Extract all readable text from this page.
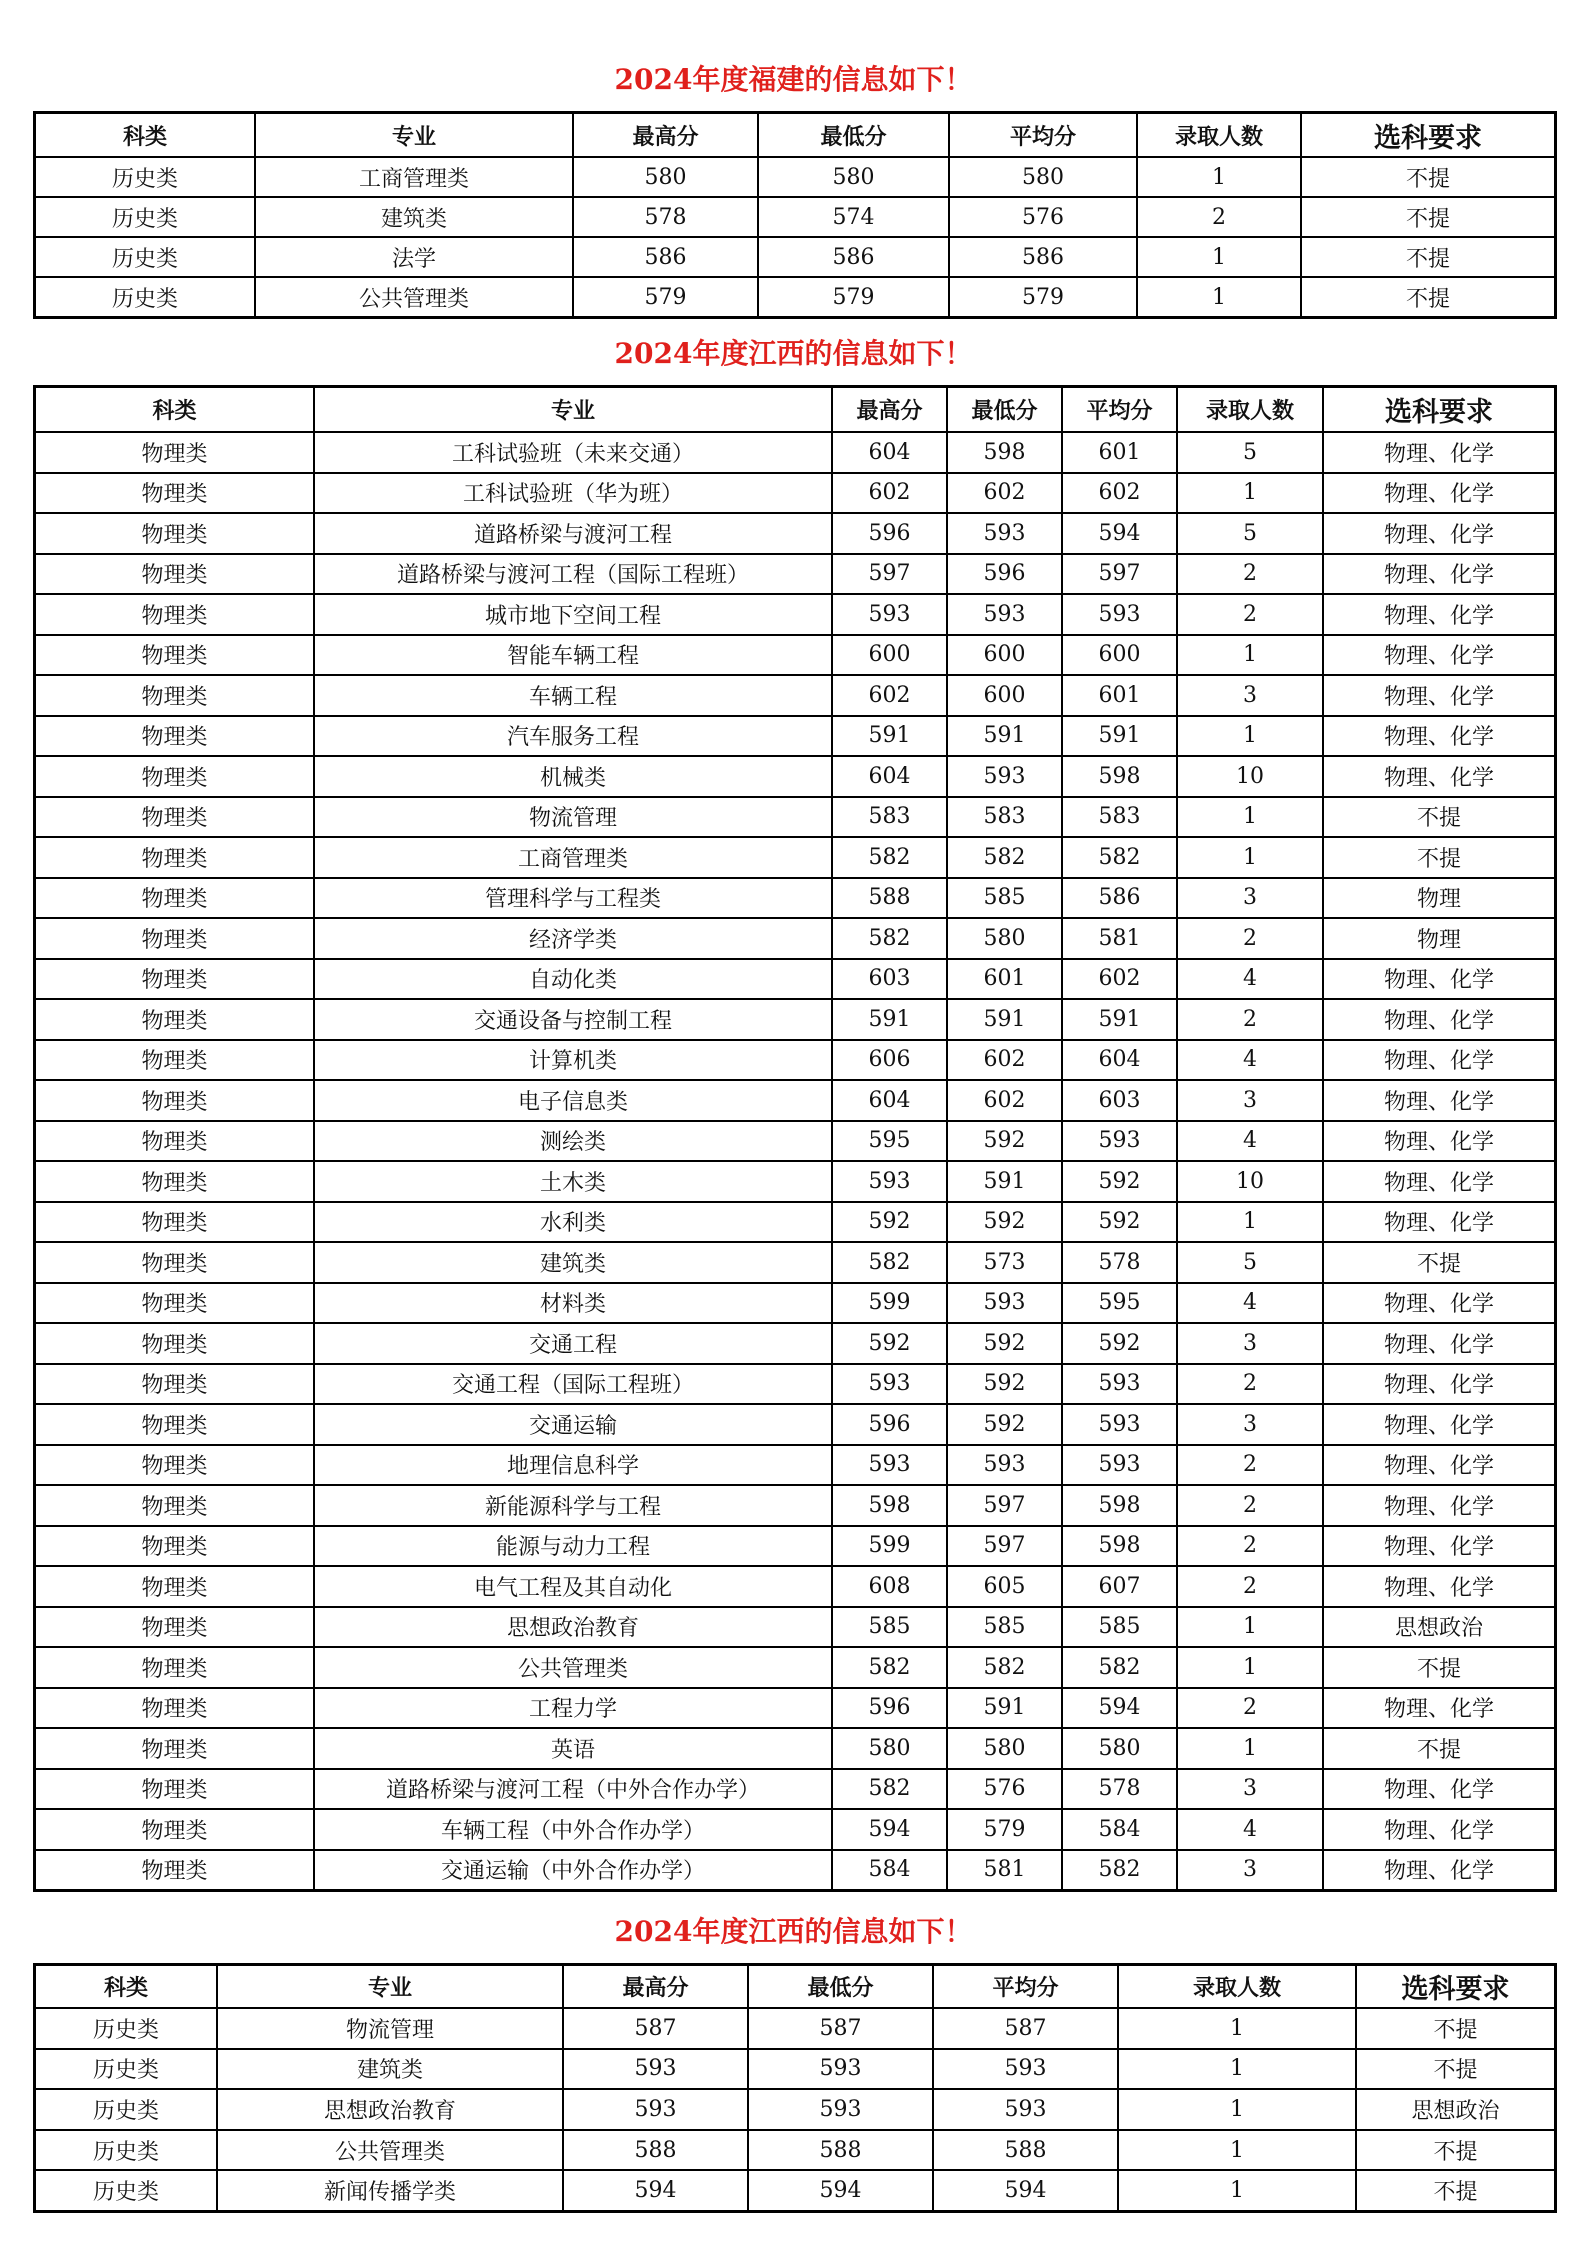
2024年度福建的信息如下！
科类	专业	最高分	最低分	平均分	录取人数	选科要求
历史类	工商管理类	580	580	580	1	不提
历史类	建筑类	578	574	576	2	不提
历史类	法学	586	586	586	1	不提
历史类	公共管理类	579	579	579	1	不提
2024年度江西的信息如下！
科类	专业	最高分	最低分	平均分	录取人数	选科要求
物理类	工科试验班（未来交通）	604	598	601	5	物理、化学
物理类	工科试验班（华为班）	602	602	602	1	物理、化学
物理类	道路桥梁与渡河工程	596	593	594	5	物理、化学
物理类	道路桥梁与渡河工程（国际工程班）	597	596	597	2	物理、化学
物理类	城市地下空间工程	593	593	593	2	物理、化学
物理类	智能车辆工程	600	600	600	1	物理、化学
物理类	车辆工程	602	600	601	3	物理、化学
物理类	汽车服务工程	591	591	591	1	物理、化学
物理类	机械类	604	593	598	10	物理、化学
物理类	物流管理	583	583	583	1	不提
物理类	工商管理类	582	582	582	1	不提
物理类	管理科学与工程类	588	585	586	3	物理
物理类	经济学类	582	580	581	2	物理
物理类	自动化类	603	601	602	4	物理、化学
物理类	交通设备与控制工程	591	591	591	2	物理、化学
物理类	计算机类	606	602	604	4	物理、化学
物理类	电子信息类	604	602	603	3	物理、化学
物理类	测绘类	595	592	593	4	物理、化学
物理类	土木类	593	591	592	10	物理、化学
物理类	水利类	592	592	592	1	物理、化学
物理类	建筑类	582	573	578	5	不提
物理类	材料类	599	593	595	4	物理、化学
物理类	交通工程	592	592	592	3	物理、化学
物理类	交通工程（国际工程班）	593	592	593	2	物理、化学
物理类	交通运输	596	592	593	3	物理、化学
物理类	地理信息科学	593	593	593	2	物理、化学
物理类	新能源科学与工程	598	597	598	2	物理、化学
物理类	能源与动力工程	599	597	598	2	物理、化学
物理类	电气工程及其自动化	608	605	607	2	物理、化学
物理类	思想政治教育	585	585	585	1	思想政治
物理类	公共管理类	582	582	582	1	不提
物理类	工程力学	596	591	594	2	物理、化学
物理类	英语	580	580	580	1	不提
物理类	道路桥梁与渡河工程（中外合作办学）	582	576	578	3	物理、化学
物理类	车辆工程（中外合作办学）	594	579	584	4	物理、化学
物理类	交通运输（中外合作办学）	584	581	582	3	物理、化学
2024年度江西的信息如下！
科类	专业	最高分	最低分	平均分	录取人数	选科要求
历史类	物流管理	587	587	587	1	不提
历史类	建筑类	593	593	593	1	不提
历史类	思想政治教育	593	593	593	1	思想政治
历史类	公共管理类	588	588	588	1	不提
历史类	新闻传播学类	594	594	594	1	不提
